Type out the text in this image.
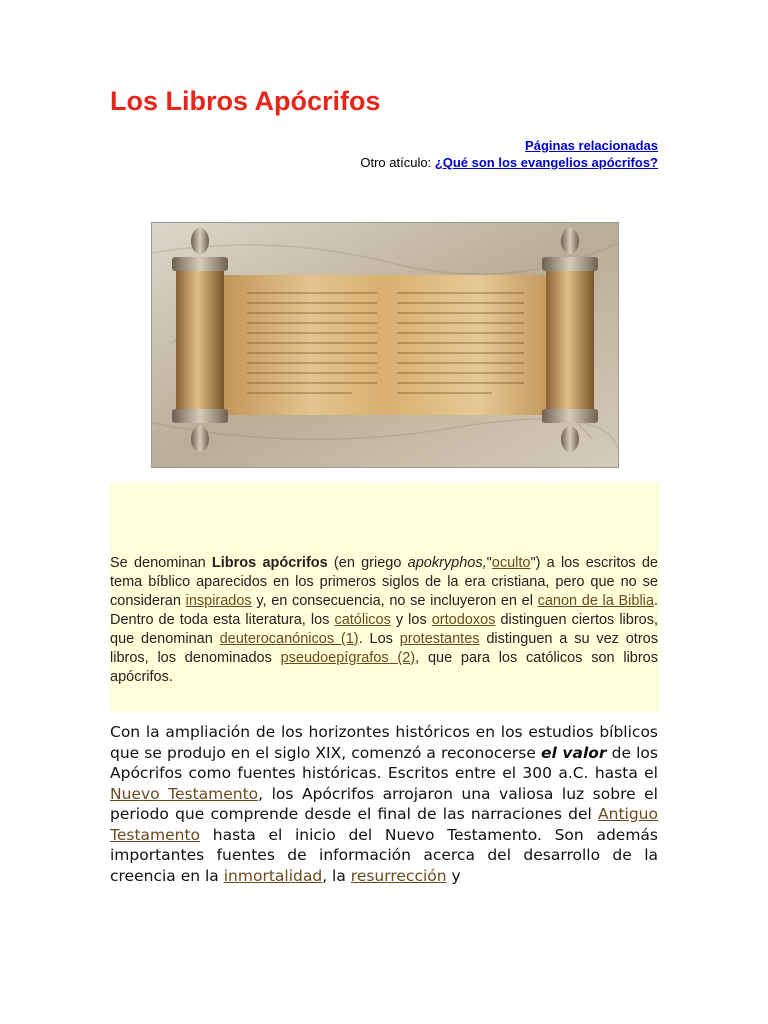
Los Libros Apócrifos
Páginas relacionadas
Otro atículo: ¿Qué son los evangelios apócrifos?

Se denominan Libros apócrifos (en griego apokryphos,"oculto") a los escritos de tema bíblico aparecidos en los primeros siglos de la era cristiana, pero que no se consideran inspirados y, en consecuencia, no se incluyeron en el canon de la Biblia. Dentro de toda esta literatura, los católicos y los ortodoxos distinguen ciertos libros, que denominan deuterocanónicos (1). Los protestantes distinguen a su vez otros libros, los denominados pseudoepígrafos (2), que para los católicos son libros apócrifos.

Con la ampliación de los horizontes históricos en los estudios bíblicos que se produjo en el siglo XIX, comenzó a reconocerse el valor de los Apócrifos como fuentes históricas. Escritos entre el 300 a.C. hasta el Nuevo Testamento, los Apócrifos arrojaron una valiosa luz sobre el periodo que comprende desde el final de las narraciones del Antiguo Testamento hasta el inicio del Nuevo Testamento. Son además importantes fuentes de información acerca del desarrollo de la creencia en la inmortalidad, la resurrección y
